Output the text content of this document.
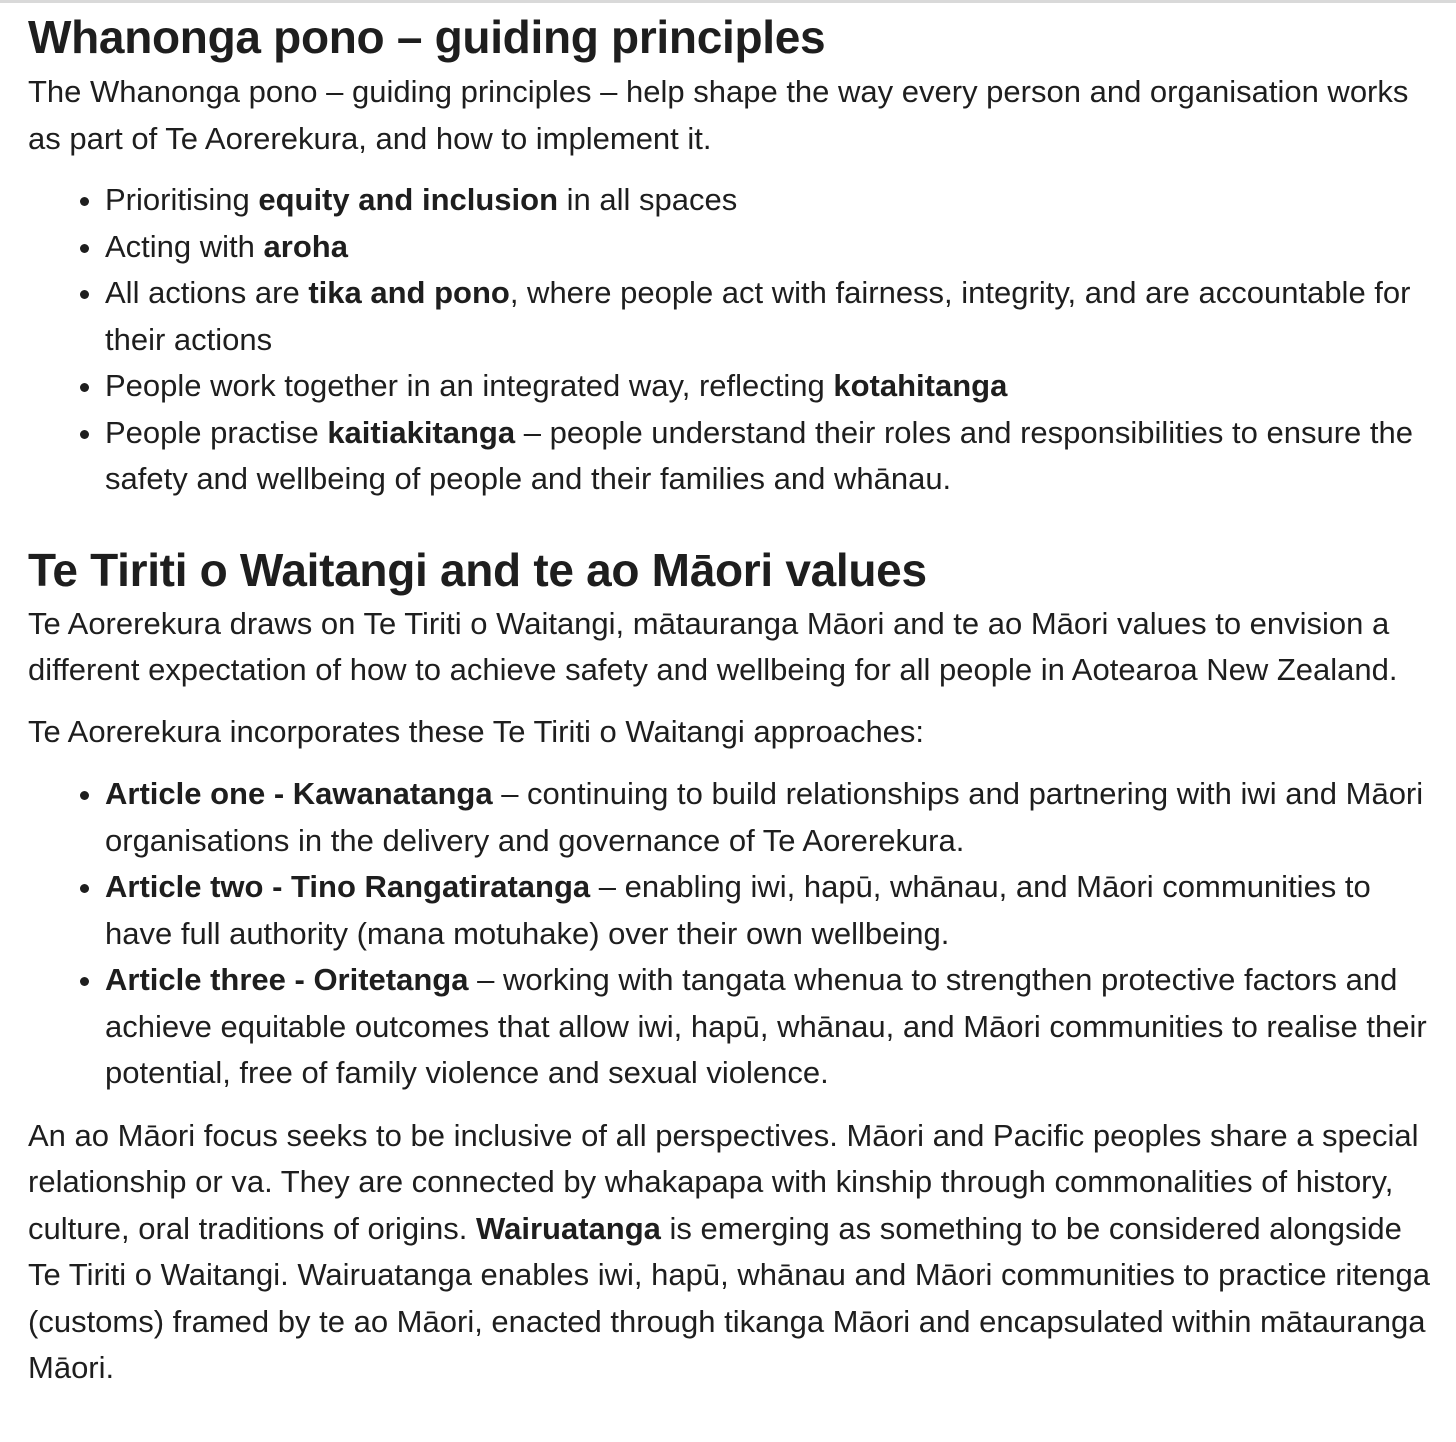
Whanonga pono – guiding principles

The Whanonga pono – guiding principles – help shape the way every person and organisation works as part of Te Aorerekura, and how to implement it.

Prioritising equity and inclusion in all spaces
Acting with aroha
All actions are tika and pono, where people act with fairness, integrity, and are accountable for their actions
People work together in an integrated way, reflecting kotahitanga
People practise kaitiakitanga – people understand their roles and responsibilities to ensure the safety and wellbeing of people and their families and whānau.
Te Tiriti o Waitangi and te ao Māori values

Te Aorerekura draws on Te Tiriti o Waitangi, mātauranga Māori and te ao Māori values to envision a different expectation of how to achieve safety and wellbeing for all people in Aotearoa New Zealand.

Te Aorerekura incorporates these Te Tiriti o Waitangi approaches:

Article one - Kawanatanga – continuing to build relationships and partnering with iwi and Māori organisations in the delivery and governance of Te Aorerekura.
Article two - Tino Rangatiratanga – enabling iwi, hapū, whānau, and Māori communities to have full authority (mana motuhake) over their own wellbeing.
Article three - Oritetanga – working with tangata whenua to strengthen protective factors and achieve equitable outcomes that allow iwi, hapū, whānau, and Māori communities to realise their potential, free of family violence and sexual violence.

An ao Māori focus seeks to be inclusive of all perspectives. Māori and Pacific peoples share a special relationship or va. They are connected by whakapapa with kinship through commonalities of history, culture, oral traditions of origins. Wairuatanga is emerging as something to be considered alongside Te Tiriti o Waitangi. Wairuatanga enables iwi, hapū, whānau and Māori communities to practice ritenga (customs) framed by te ao Māori, enacted through tikanga Māori and encapsulated within mātauranga Māori.
